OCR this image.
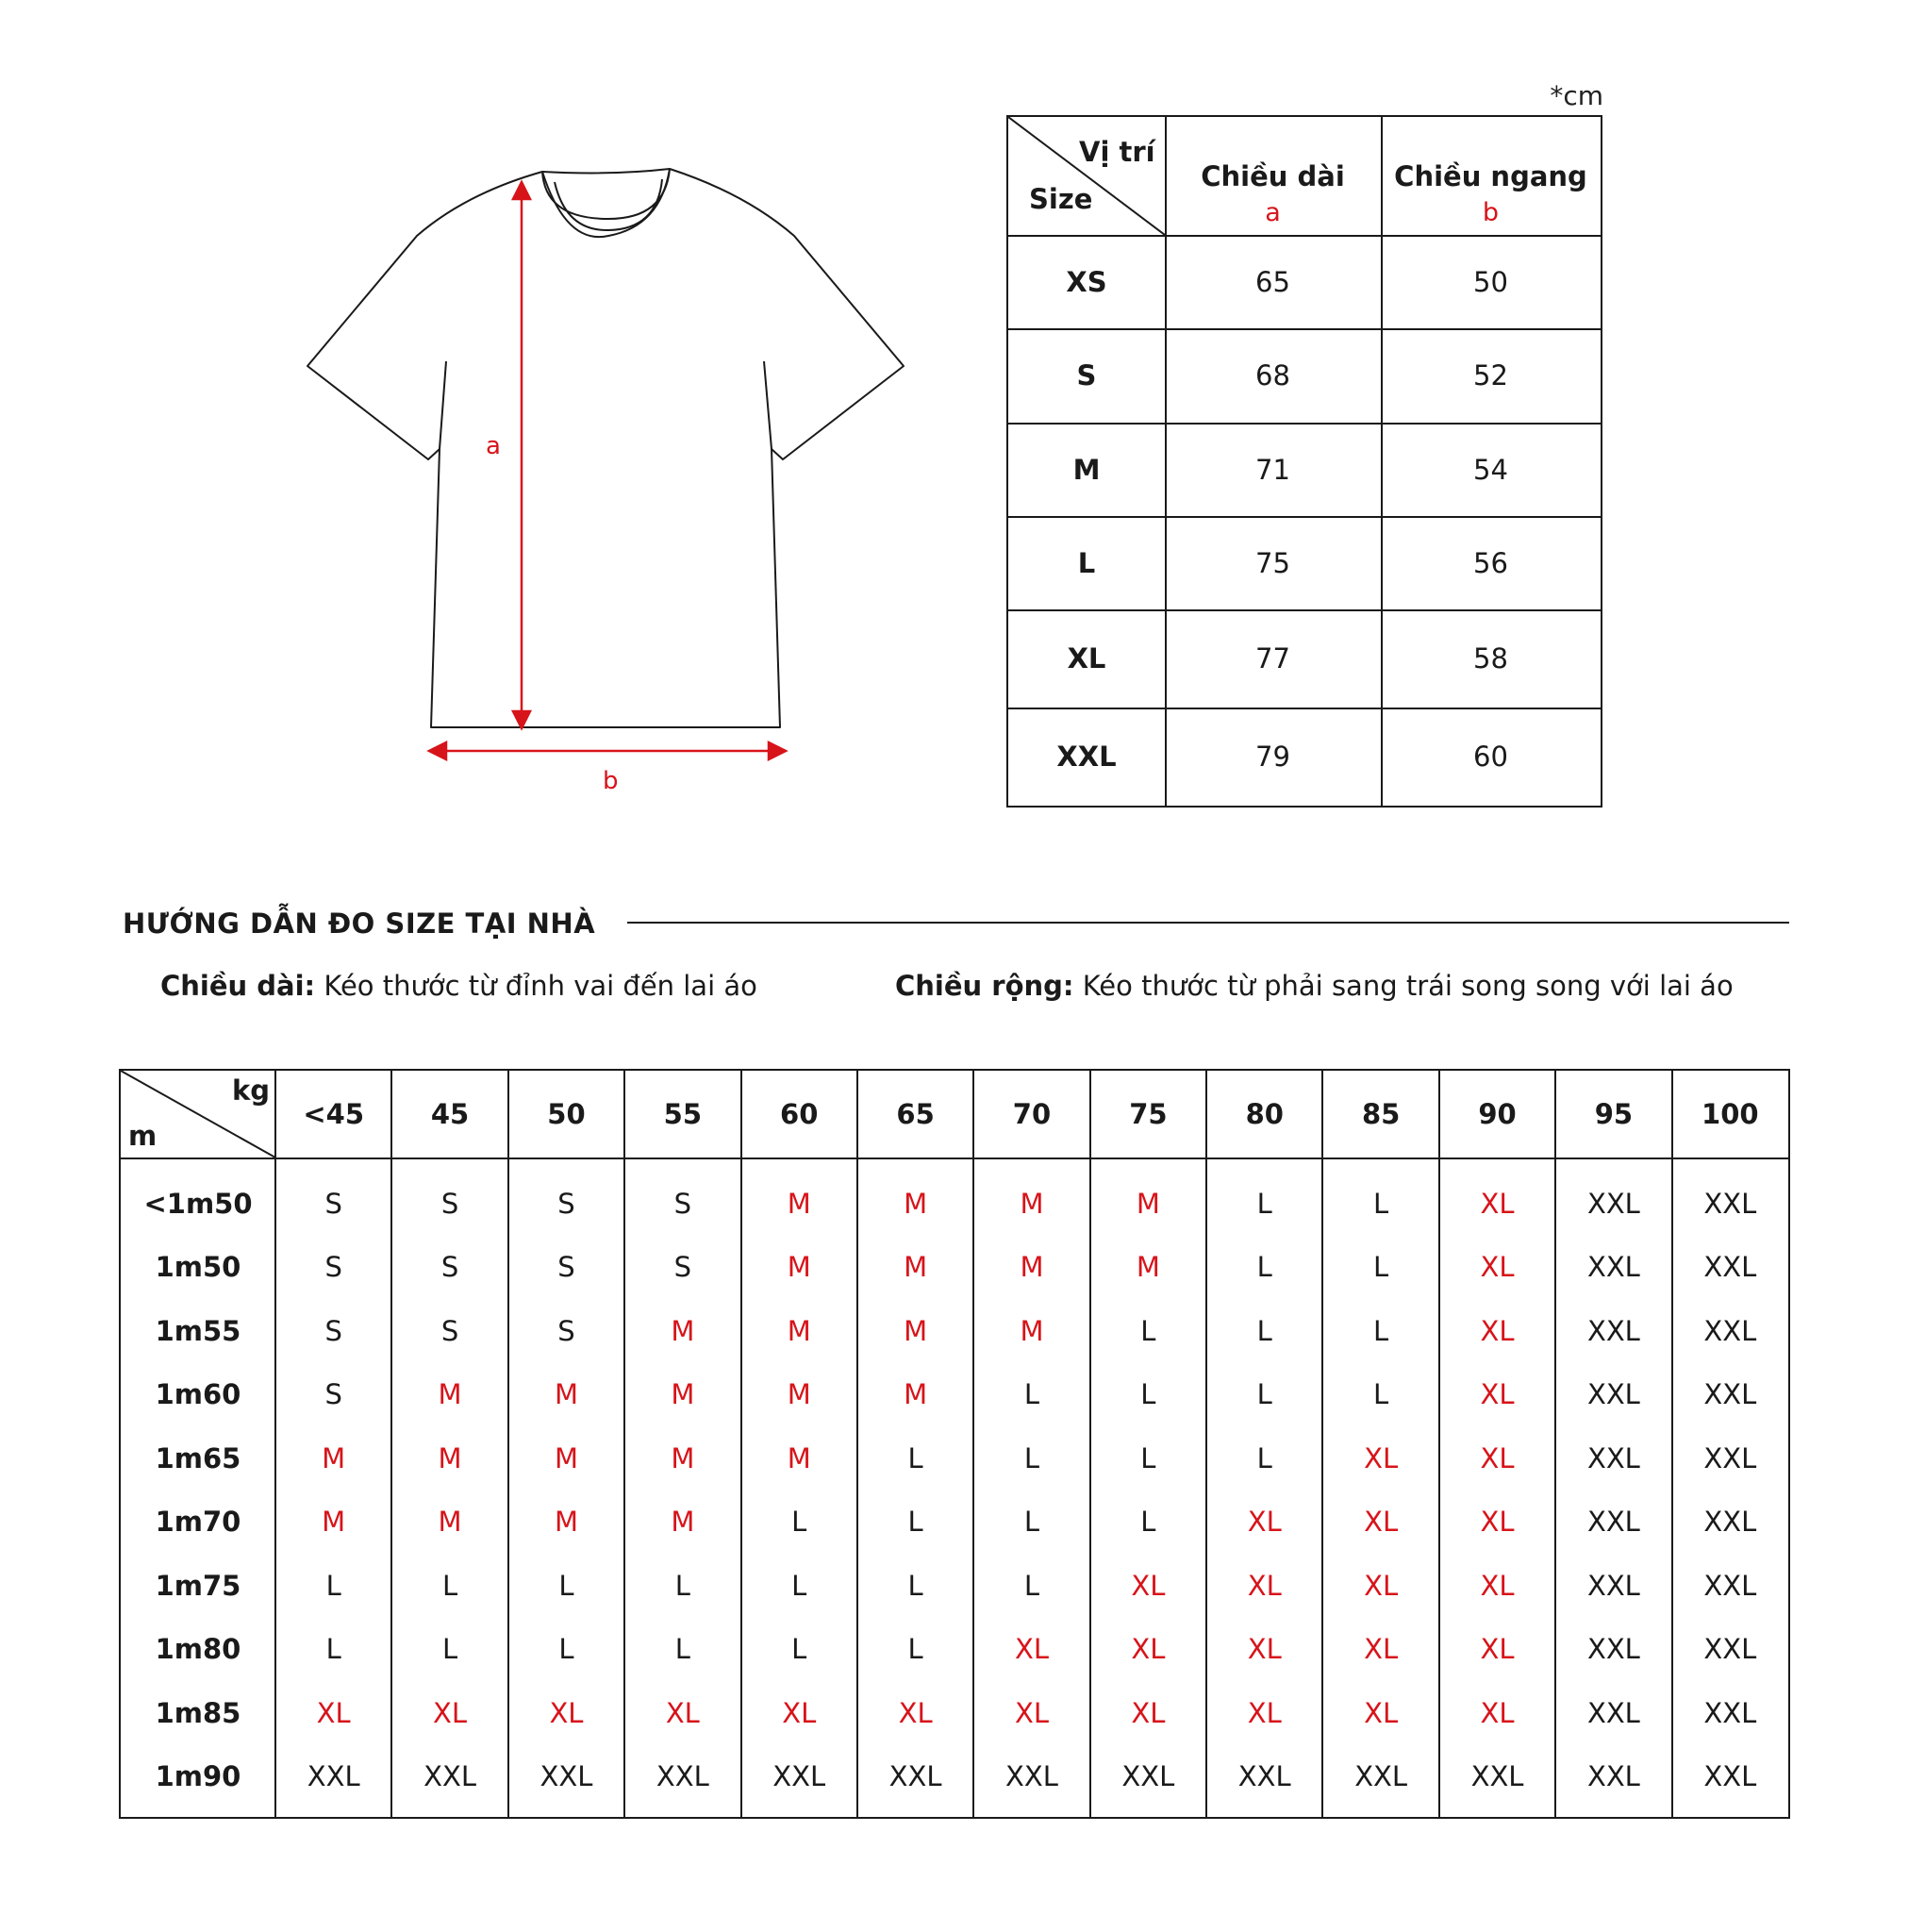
a
b
*cm
Vị trí
Size
Chiều dài
a
Chiều ngang
b
XS	65	50
S	68	52
M	71	54
L	75	56
XL	77	58
XXL	79	60
HƯỚNG DẪN ĐO SIZE TẠI NHÀ
Chiều dài: Kéo thước từ đỉnh vai đến lai áo	Chiều rộng: Kéo thước từ phải sang trái song song với lai áo
kg
m
<45	45	50	55	60	65	70	75	80	85	90	95	100
<1m50	S	S	S	S	M	M	M	M	L	L	XL	XXL	XXL
1m50	S	S	S	S	M	M	M	M	L	L	XL	XXL	XXL
1m55	S	S	S	M	M	M	M	L	L	L	XL	XXL	XXL
1m60	S	M	M	M	M	M	L	L	L	L	XL	XXL	XXL
1m65	M	M	M	M	M	L	L	L	L	XL	XL	XXL	XXL
1m70	M	M	M	M	L	L	L	L	XL	XL	XL	XXL	XXL
1m75	L	L	L	L	L	L	L	XL	XL	XL	XL	XXL	XXL
1m80	L	L	L	L	L	L	XL	XL	XL	XL	XL	XXL	XXL
1m85	XL	XL	XL	XL	XL	XL	XL	XL	XL	XL	XL	XXL	XXL
1m90	XXL	XXL	XXL	XXL	XXL	XXL	XXL	XXL	XXL	XXL	XXL	XXL	XXL
